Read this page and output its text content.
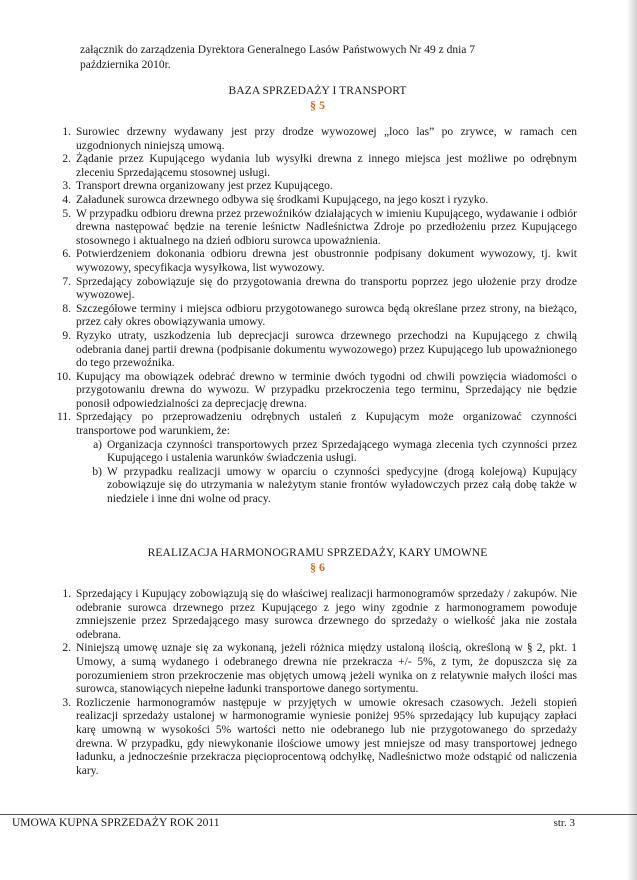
załącznik do zarządzenia Dyrektora Generalnego Lasów Państwowych Nr 49 z dnia 7
października 2010r.
BAZA SPRZEDAŻY I TRANSPORT
§ 5
1. Surowiec drzewny wydawany jest przy drodze wywozowej „loco las” po zrywce, w ramach cen uzgodnionych niniejszą umową.
2. Żądanie przez Kupującego wydania lub wysyłki drewna z innego miejsca jest możliwe po odrębnym zleceniu Sprzedającemu stosownej usługi.
3. Transport drewna organizowany jest przez Kupującego.
4. Załadunek surowca drzewnego odbywa się środkami Kupującego, na jego koszt i ryzyko.
5. W przypadku odbioru drewna przez przewoźników działających w imieniu Kupującego, wydawanie i odbiór drewna następować będzie na terenie leśnictw Nadleśnictwa Zdroje po przedłożeniu przez Kupującego stosownego i aktualnego na dzień odbioru surowca upoważnienia.
6. Potwierdzeniem dokonania odbioru drewna jest obustronnie podpisany dokument wywozowy, tj. kwit wywozowy, specyfikacja wysyłkowa, list wywozowy.
7. Sprzedający zobowiązuje się do przygotowania drewna do transportu poprzez jego ułożenie przy drodze wywozowej.
8. Szczegółowe terminy i miejsca odbioru przygotowanego surowca będą określane przez strony, na bieżąco, przez cały okres obowiązywania umowy.
9. Ryzyko utraty, uszkodzenia lub deprecjacji surowca drzewnego przechodzi na Kupującego z chwilą odebrania danej partii drewna (podpisanie dokumentu wywozowego) przez Kupującego lub upoważnionego do tego przewoźnika.
10. Kupujący ma obowiązek odebrać drewno w terminie dwóch tygodni od chwili powzięcia wiadomości o przygotowaniu drewna do wywozu. W przypadku przekroczenia tego terminu, Sprzedający nie będzie ponosił odpowiedzialności za deprecjację drewna.
11. Sprzedający po przeprowadzeniu odrębnych ustaleń z Kupującym może organizować czynności transportowe pod warunkiem, że:
a) Organizacja czynności transportowych przez Sprzedającego wymaga zlecenia tych czynności przez Kupującego i ustalenia warunków świadczenia usługi.
b) W przypadku realizacji umowy w oparciu o czynności spedycyjne (drogą kolejową) Kupujący zobowiązuje się do utrzymania w należytym stanie frontów wyładowczych przez całą dobę także w niedziele i inne dni wolne od pracy.
REALIZACJA HARMONOGRAMU SPRZEDAŻY, KARY UMOWNE
§ 6
1. Sprzedający i Kupujący zobowiązują się do właściwej realizacji harmonogramów sprzedaży / zakupów. Nie odebranie surowca drzewnego przez Kupującego z jego winy zgodnie z harmonogramem powoduje zmniejszenie przez Sprzedającego masy surowca drzewnego do sprzedaży o wielkość jaka nie została odebrana.
2. Niniejszą umowę uznaje się za wykonaną, jeżeli różnica między ustaloną ilością, określoną w § 2, pkt. 1 Umowy, a sumą wydanego i odebranego drewna nie przekracza +/- 5%, z tym, że dopuszcza się za porozumieniem stron przekroczenie mas objętych umową jeżeli wynika on z relatywnie małych ilości mas surowca, stanowiących niepełne ładunki transportowe danego sortymentu.
3. Rozliczenie harmonogramów następuje w przyjętych w umowie okresach czasowych. Jeżeli stopień realizacji sprzedaży ustalonej w harmonogramie wyniesie poniżej 95% sprzedający lub kupujący zapłaci karę umowną w wysokości 5% wartości netto nie odebranego lub nie przygotowanego do sprzedaży drewna. W przypadku, gdy niewykonanie ilościowe umowy jest mniejsze od masy transportowej jednego ładunku, a jednocześnie przekracza pięcioprocentową odchyłkę, Nadleśnictwo może odstąpić od naliczenia kary.
UMOWA KUPNA SPRZEDAŻY ROK 2011	str. 3
